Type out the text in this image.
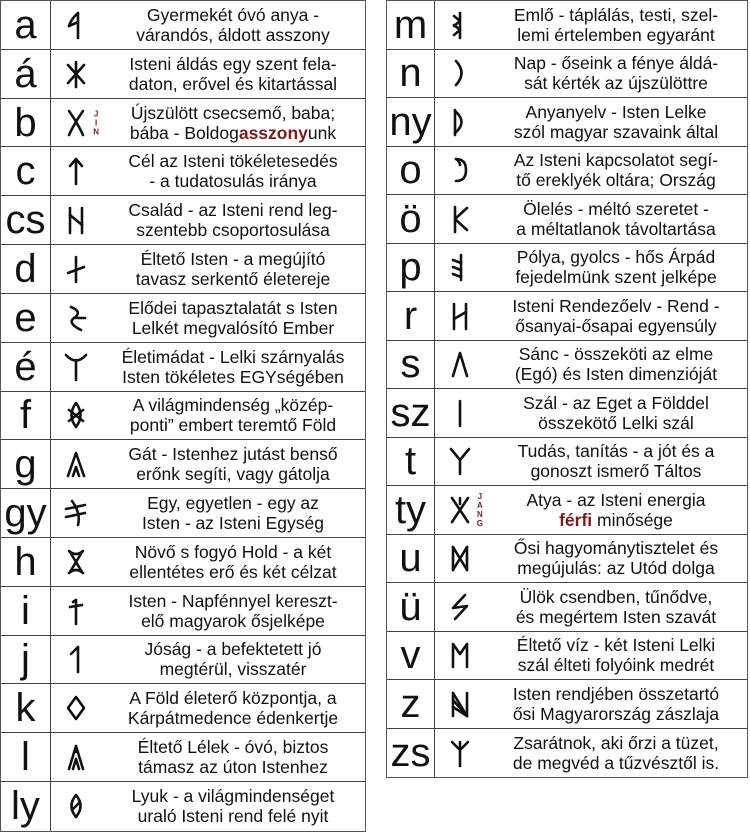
a	Gyermekét óvó anya -
várandós, áldott asszony
á	Isteni áldás egy szent fela-
daton, erővel és kitartással
b	J
I
N
Újszülött csecsemő, baba;
bába - Boldogasszonyunk
c	Cél az Isteni tökéletesedés
- a tudatosulás iránya
cs	Család - az Isteni rend leg-
szentebb csoportosulása
d	Éltető Isten - a megújító
tavasz serkentő életereje
e	Elődei tapasztalatát s Isten
Lelkét megvalósító Ember
é	Életimádat - Lelki szárnyalás
Isten tökéletes EGYségében
f	A világmindenség „közép-
ponti” embert teremtő Föld
g	Gát - Istenhez jutást benső
erőnk segíti, vagy gátolja
gy	Egy, egyetlen - egy az
Isten - az Isteni Egység
h	Növő s fogyó Hold - a két
ellentétes erő és két célzat
i	Isten - Napfénnyel kereszt-
elő magyarok ősjelképe
j	Jóság - a befektetett jó
megtérül, visszatér
k	A Föld életerő központja, a
Kárpátmedence édenkertje
l	Éltető Lélek - óvó, biztos
támasz az úton Istenhez
ly	Lyuk - a világmindenséget
uraló Isteni rend felé nyit
m	Emlő - táplálás, testi, szel-
lemi értelemben egyaránt
n	Nap - őseink a fénye áldá-
sát kérték az újszülöttre
ny	Anyanyelv - Isten Lelke
szól magyar szavaink által
o	Az Isteni kapcsolatot segí-
tő ereklyék oltára; Ország
ö	Ölelés - méltó szeretet -
a méltatlanok távoltartása
p	Pólya, gyolcs - hős Árpád
fejedelmünk szent jelképe
r	Isteni Rendezőelv - Rend -
ősanyai-ősapai egyensúly
s	Sánc - összeköti az elme
(Egó) és Isten dimenzióját
sz	Szál - az Eget a Földdel
összekötő Lelki szál
t	Tudás, tanítás - a jót és a
gonoszt ismerő Táltos
ty	J
A
N
G
Atya - az Isteni energia
férfi minősége
u	Ősi hagyománytisztelet és
megújulás: az Utód dolga
ü	Ülök csendben, tűnődve,
és megértem Isten szavát
v	Éltető víz - két Isteni Lelki
szál élteti folyóink medrét
z	Isten rendjében összetartó
ősi Magyarország zászlaja
zs	Zsarátnok, aki őrzi a tüzet,
de megvéd a tűzvésztől is.
